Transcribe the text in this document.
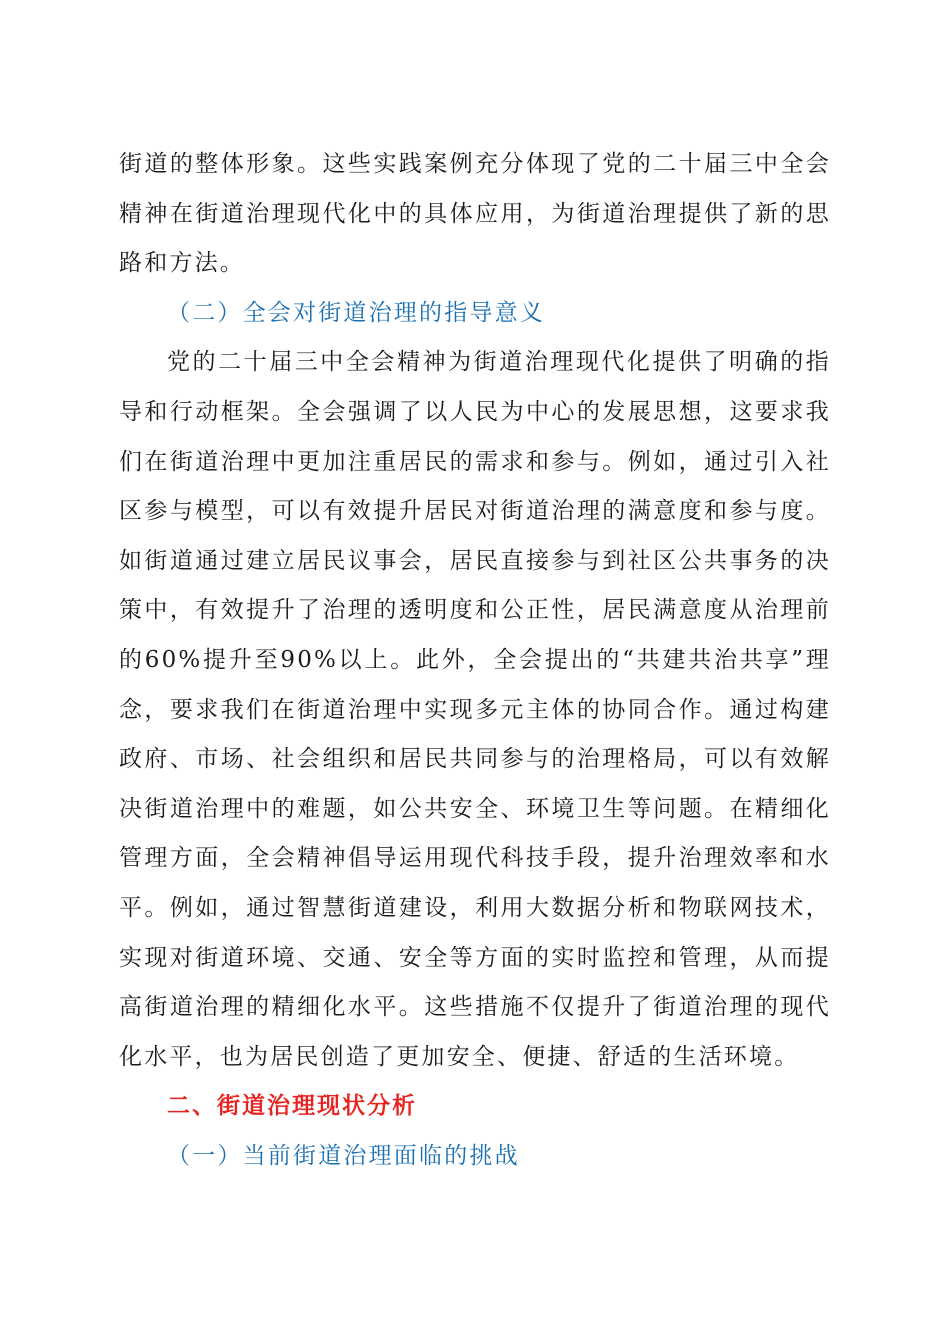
街道的整体形象。这些实践案例充分体现了党的二十届三中全会精神在街道治理现代化中的具体应用，为街道治理提供了新的思路和方法。

（二）全会对街道治理的指导意义

党的二十届三中全会精神为街道治理现代化提供了明确的指导和行动框架。全会强调了以人民为中心的发展思想，这要求我们在街道治理中更加注重居民的需求和参与。例如，通过引入社区参与模型，可以有效提升居民对街道治理的满意度和参与度。如街道通过建立居民议事会，居民直接参与到社区公共事务的决策中，有效提升了治理的透明度和公正性，居民满意度从治理前的60%提升至90%以上。此外，全会提出的“共建共治共享”理念，要求我们在街道治理中实现多元主体的协同合作。通过构建政府、市场、社会组织和居民共同参与的治理格局，可以有效解决街道治理中的难题，如公共安全、环境卫生等问题。在精细化管理方面，全会精神倡导运用现代科技手段，提升治理效率和水平。例如，通过智慧街道建设，利用大数据分析和物联网技术，实现对街道环境、交通、安全等方面的实时监控和管理，从而提高街道治理的精细化水平。这些措施不仅提升了街道治理的现代化水平，也为居民创造了更加安全、便捷、舒适的生活环境。

二、街道治理现状分析

（一）当前街道治理面临的挑战
